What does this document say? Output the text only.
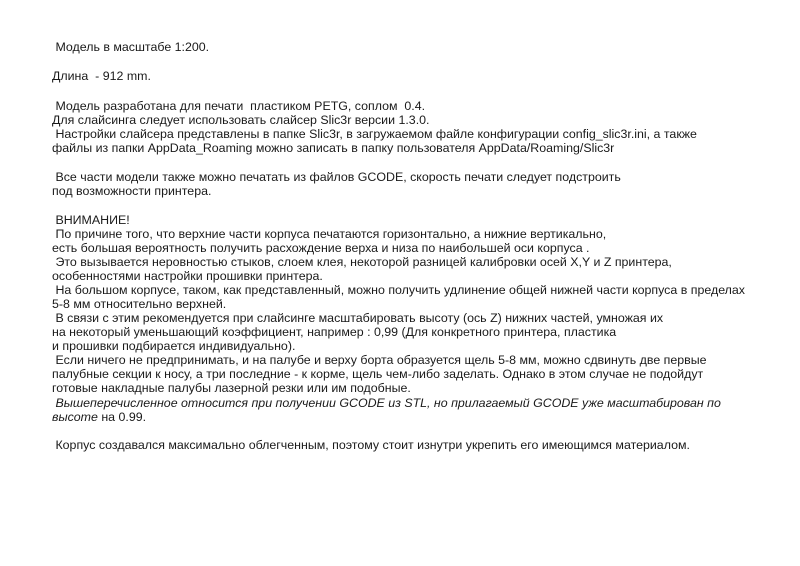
Модель в масштабе 1:200.
Длина  - 912 mm.
Модель разработана для печати  пластиком PETG, соплом  0.4.
Для слайсинга следует использовать слайсер Slic3r версии 1.3.0.
Настройки слайсера представлены в папке Slic3r, в загружаемом файле конфигурации config_slic3r.ini, а также
файлы из папки AppData_Roaming можно записать в папку пользователя AppData/Roaming/Slic3r
Все части модели также можно печатать из файлов GCODE, скорость печати следует подстроить
под возможности принтера.
ВНИМАНИЕ!
По причине того, что верхние части корпуса печатаются горизонтально, а нижние вертикально,
есть большая вероятность получить расхождение верха и низа по наибольшей оси корпуса .
Это вызывается неровностью стыков, слоем клея, некоторой разницей калибровки осей X,Y и Z принтера,
особенностями настройки прошивки принтера.
На большом корпусе, таком, как представленный, можно получить удлинение общей нижней части корпуса в пределах
5-8 мм относительно верхней.
В связи с этим рекомендуется при слайсинге масштабировать высоту (ось Z) нижних частей, умножая их
на некоторый уменьшающий коэффициент, например : 0,99 (Для конкретного принтера, пластика
и прошивки подбирается индивидуально).
Если ничего не предпринимать, и на палубе и верху борта образуется щель 5-8 мм, можно сдвинуть две первые
палубные секции к носу, а три последние - к корме, щель чем-либо заделать. Однако в этом случае не подойдут
готовые накладные палубы лазерной резки или им подобные.
Вышеперечисленное относится при получении GCODE из STL, но прилагаемый GCODE уже масштабирован по
высоте на 0.99.
Корпус создавался максимально облегченным, поэтому стоит изнутри укрепить его имеющимся материалом.
